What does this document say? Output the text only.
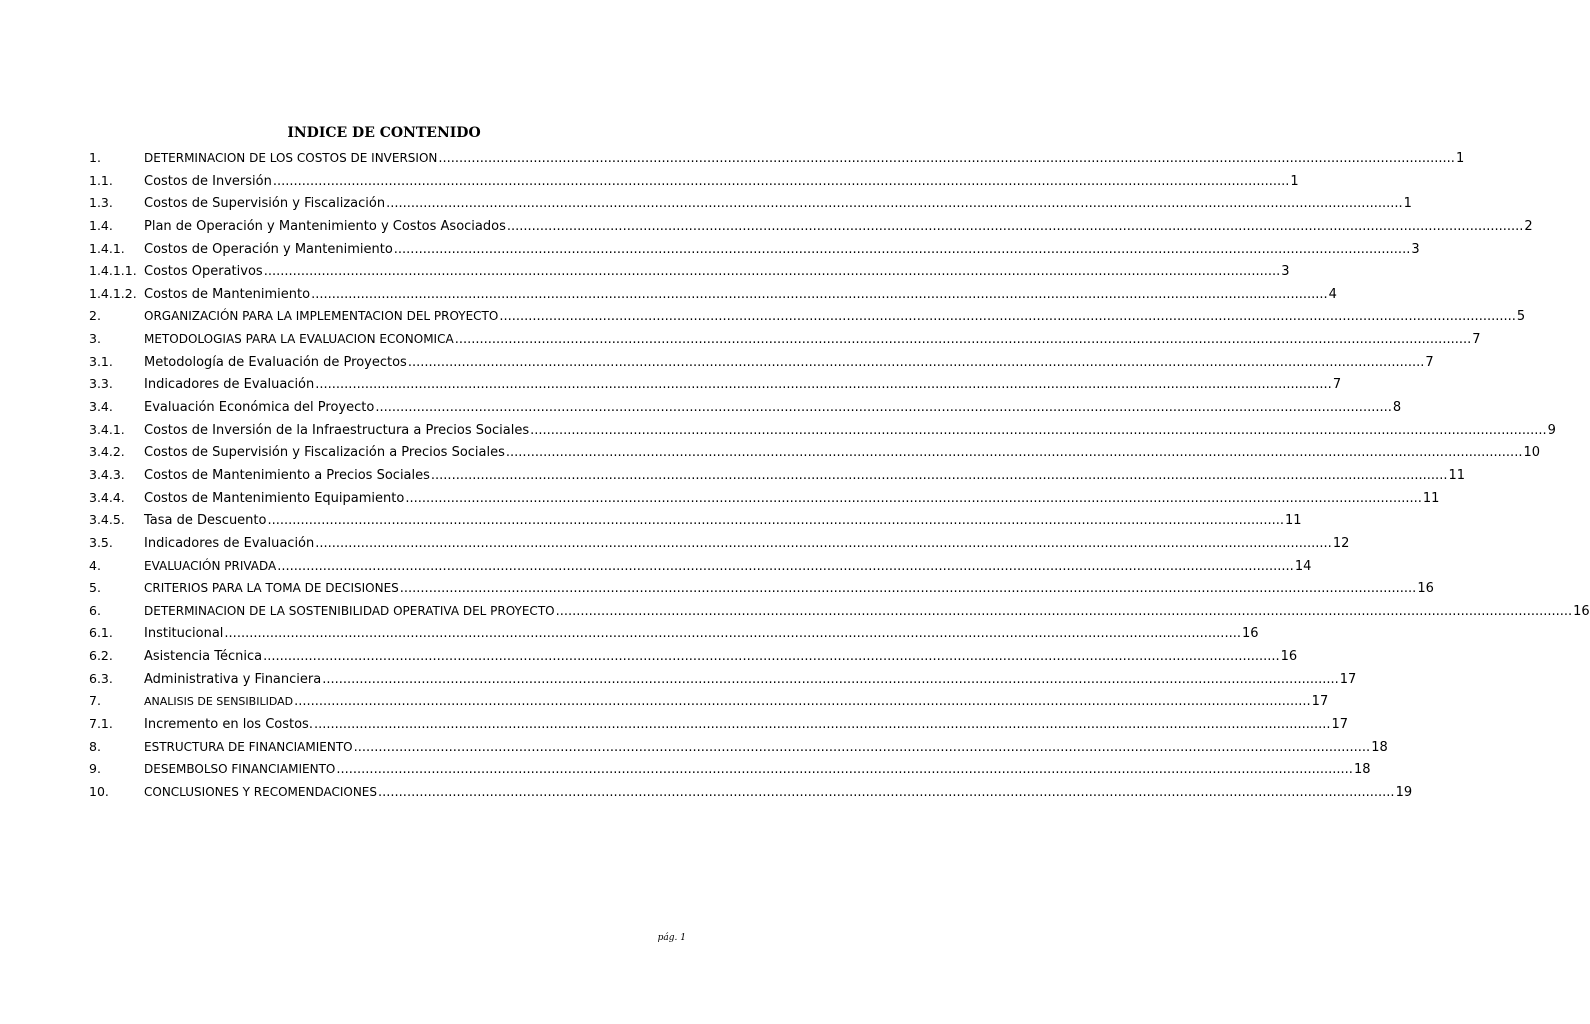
INDICE DE CONTENIDO
1.	DETERMINACION DE LOS COSTOS DE INVERSION .....	1
1.1.	Costos de Inversión .....	1
1.3.	Costos de Supervisión y Fiscalización .....	1
1.4.	Plan de Operación y Mantenimiento y Costos Asociados .....	2
1.4.1.	Costos de Operación y Mantenimiento .....	3
1.4.1.1. Costos Operativos .....	3
1.4.1.2. Costos de Mantenimiento .....	4
2.	ORGANIZACIÓN PARA LA IMPLEMENTACION DEL PROYECTO .....	5
3.	METODOLOGIAS PARA LA EVALUACION ECONOMICA .....	7
3.1.	Metodología de Evaluación de Proyectos .....	7
3.3.	Indicadores de Evaluación .....	7
3.4.	Evaluación Económica del Proyecto .....	8
3.4.1.	Costos de Inversión de la Infraestructura a Precios Sociales .....	9
3.4.2.	Costos de Supervisión y Fiscalización a Precios Sociales .....	10
3.4.3.	Costos de Mantenimiento a Precios Sociales .....	11
3.4.4.	Costos de Mantenimiento Equipamiento .....	11
3.4.5.	Tasa de Descuento .....	11
3.5.	Indicadores de Evaluación .....	12
4.	EVALUACIÓN PRIVADA .....	14
5.	CRITERIOS PARA LA TOMA DE DECISIONES .....	16
6.	DETERMINACION DE LA SOSTENIBILIDAD OPERATIVA DEL PROYECTO .....	16
6.1.	Institucional .....	16
6.2.	Asistencia Técnica .....	16
6.3.	Administrativa y Financiera .....	17
7.	ANALISIS DE SENSIBILIDAD .....	17
7.1.	Incremento en los Costos. .....	17
8.	ESTRUCTURA DE FINANCIAMIENTO .....	18
9.	DESEMBOLSO FINANCIAMIENTO .....	18
10.	CONCLUSIONES Y RECOMENDACIONES .....	19
pág. 1
